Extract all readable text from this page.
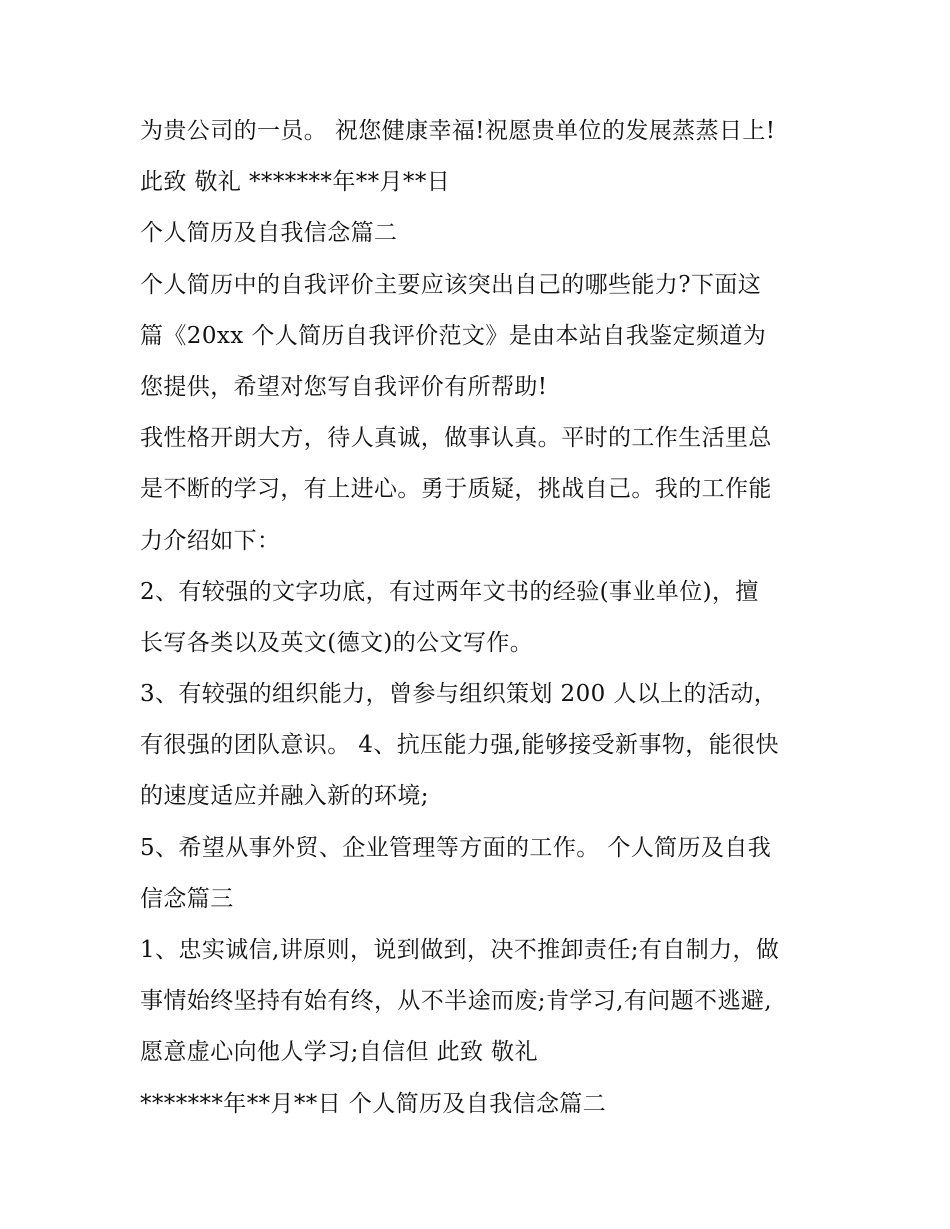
为贵公司的一员。 祝您健康幸福!祝愿贵单位的发展蒸蒸日上!
此致 敬礼 *******年**月**日
个人简历及自我信念篇二
个人简历中的自我评价主要应该突出自己的哪些能力?下面这
篇《20xx 个人简历自我评价范文》是由本站自我鉴定频道为
您提供，希望对您写自我评价有所帮助!
我性格开朗大方，待人真诚，做事认真。平时的工作生活里总
是不断的学习，有上进心。勇于质疑，挑战自己。我的工作能
力介绍如下：
2、有较强的文字功底，有过两年文书的经验(事业单位)，擅
长写各类以及英文(德文)的公文写作。
3、有较强的组织能力，曾参与组织策划 200 人以上的活动，
有很强的团队意识。 4、抗压能力强,能够接受新事物，能很快
的速度适应并融入新的环境;
5、希望从事外贸、企业管理等方面的工作。 个人简历及自我
信念篇三
1、忠实诚信,讲原则，说到做到，决不推卸责任;有自制力，做
事情始终坚持有始有终，从不半途而废;肯学习,有问题不逃避,
愿意虚心向他人学习;自信但 此致 敬礼
*******年**月**日 个人简历及自我信念篇二
